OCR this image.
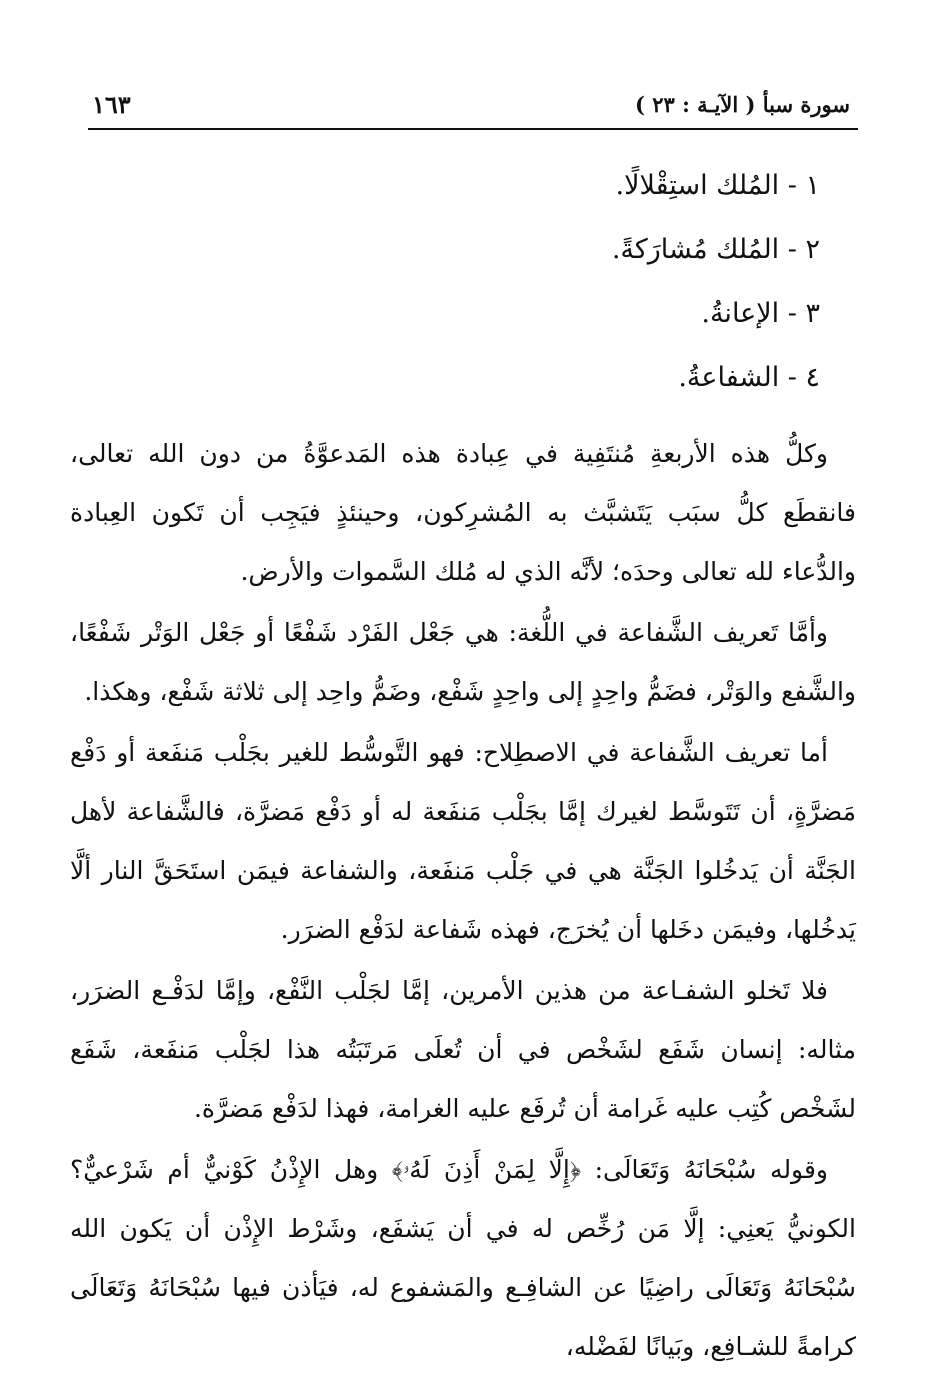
سورة سبأ ( الآيـة : ٢٣ )
١٦٣
١ - المُلك استِقْلالًا.
٢ - المُلك مُشارَكةً.
٣ - الإعانةُ.
٤ - الشفاعةُ.

وكلُّ هذه الأربعةِ مُنتَفِية في عِبادة هذه المَدعوَّةُ من دون الله تعالى، فانقطَع كلُّ سبَب يَتَشبَّث به المُشرِكون، وحينئذٍ فيَجِب أن تَكون العِبادة والدُّعاء لله تعالى وحدَه؛ لأنَّه الذي له مُلك السَّموات والأرض.

وأمَّا تَعريف الشَّفاعة في اللُّغة: هي جَعْل الفَرْد شَفْعًا أو جَعْل الوَتْر شَفْعًا، والشَّفع والوَتْر، فضَمُّ واحِدٍ إلى واحِدٍ شَفْع، وضَمُّ واحِد إلى ثلاثة شَفْع، وهكذا.

أما تعريف الشَّفاعة في الاصطِلاح: فهو التَّوسُّط للغير بجَلْب مَنفَعة أو دَفْع مَضرَّةٍ، أن تَتَوسَّط لغيرك إمَّا بجَلْب مَنفَعة له أو دَفْع مَضرَّة، فالشَّفاعة لأهل الجَنَّة أن يَدخُلوا الجَنَّة هي في جَلْب مَنفَعة، والشفاعة فيمَن استَحَقَّ النار ألَّا يَدخُلها، وفيمَن دخَلها أن يُخرَج، فهذه شَفاعة لدَفْع الضرَر.

فلا تَخلو الشفـاعة من هذين الأمرين، إمَّا لجَلْب النَّفْع، وإمَّا لدَفْـع الضرَر، مثاله: إنسان شَفَع لشَخْص في أن تُعلَى مَرتَبَتُه هذا لجَلْب مَنفَعة، شَفَع لشَخْص كُتِب عليه غَرامة أن تُرفَع عليه الغرامة، فهذا لدَفْع مَضرَّة.

وقوله سُبْحَانَهُ وَتَعَالَى: ﴿إِلَّا لِمَنْ أَذِنَ لَهُۥ﴾ وهل الإِذْنُ كَوْنيٌّ أم شَرْعيٌّ؟ الكونيُّ يَعنِي: إلَّا مَن رُخِّص له في أن يَشفَع، وشَرْط الإِذْن أن يَكون الله سُبْحَانَهُ وَتَعَالَى راضِيًا عن الشافِـع والمَشفوع له، فيَأذن فيها سُبْحَانَهُ وَتَعَالَى كرامةً للشـافِع، وبَيانًا لفَضْله،
